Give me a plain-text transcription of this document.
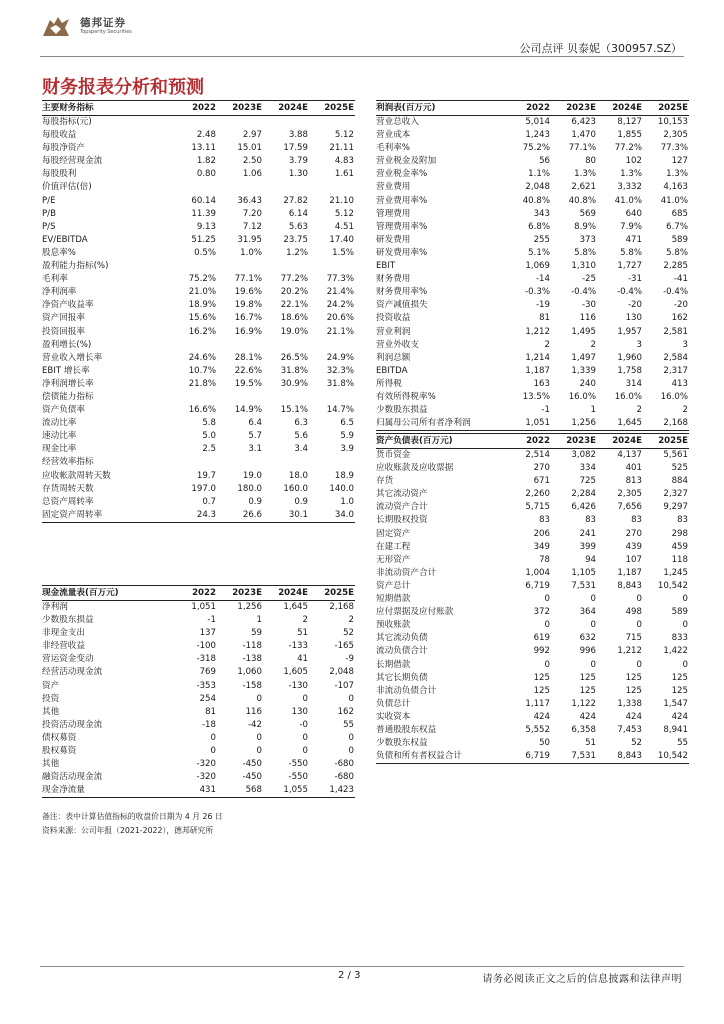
德邦证券
Topsperity Securities
公司点评 贝泰妮（300957.SZ）
财务报表分析和预测
主要财务指标	2022	2023E	2024E	2025E
每股指标(元)
每股收益	2.48	2.97	3.88	5.12
每股净资产	13.11	15.01	17.59	21.11
每股经营现金流	1.82	2.50	3.79	4.83
每股股利	0.80	1.06	1.30	1.61
价值评估(倍)
P/E	60.14	36.43	27.82	21.10
P/B	11.39	7.20	6.14	5.12
P/S	9.13	7.12	5.63	4.51
EV/EBITDA	51.25	31.95	23.75	17.40
股息率%	0.5%	1.0%	1.2%	1.5%
盈利能力指标(%)
毛利率	75.2%	77.1%	77.2%	77.3%
净利润率	21.0%	19.6%	20.2%	21.4%
净资产收益率	18.9%	19.8%	22.1%	24.2%
资产回报率	15.6%	16.7%	18.6%	20.6%
投资回报率	16.2%	16.9%	19.0%	21.1%
盈利增长(%)
营业收入增长率	24.6%	28.1%	26.5%	24.9%
EBIT 增长率	10.7%	22.6%	31.8%	32.3%
净利润增长率	21.8%	19.5%	30.9%	31.8%
偿债能力指标
资产负债率	16.6%	14.9%	15.1%	14.7%
流动比率	5.8	6.4	6.3	6.5
速动比率	5.0	5.7	5.6	5.9
现金比率	2.5	3.1	3.4	3.9
经营效率指标
应收帐款周转天数	19.7	19.0	18.0	18.9
存货周转天数	197.0	180.0	160.0	140.0
总资产周转率	0.7	0.9	0.9	1.0
固定资产周转率	24.3	26.6	30.1	34.0
利润表(百万元)	2022	2023E	2024E	2025E
营业总收入	5,014	6,423	8,127	10,153
营业成本	1,243	1,470	1,855	2,305
毛利率%	75.2%	77.1%	77.2%	77.3%
营业税金及附加	56	80	102	127
营业税金率%	1.1%	1.3%	1.3%	1.3%
营业费用	2,048	2,621	3,332	4,163
营业费用率%	40.8%	40.8%	41.0%	41.0%
管理费用	343	569	640	685
管理费用率%	6.8%	8.9%	7.9%	6.7%
研发费用	255	373	471	589
研发费用率%	5.1%	5.8%	5.8%	5.8%
EBIT	1,069	1,310	1,727	2,285
财务费用	-14	-25	-31	-41
财务费用率%	-0.3%	-0.4%	-0.4%	-0.4%
资产减值损失	-19	-30	-20	-20
投资收益	81	116	130	162
营业利润	1,212	1,495	1,957	2,581
营业外收支	2	2	3	3
利润总额	1,214	1,497	1,960	2,584
EBITDA	1,187	1,339	1,758	2,317
所得税	163	240	314	413
有效所得税率%	13.5%	16.0%	16.0%	16.0%
少数股东损益	-1	1	2	2
归属母公司所有者净利润	1,051	1,256	1,645	2,168
资产负债表(百万元)	2022	2023E	2024E	2025E
货币资金	2,514	3,082	4,137	5,561
应收账款及应收票据	270	334	401	525
存货	671	725	813	884
其它流动资产	2,260	2,284	2,305	2,327
流动资产合计	5,715	6,426	7,656	9,297
长期股权投资	83	83	83	83
固定资产	206	241	270	298
在建工程	349	399	439	459
无形资产	78	94	107	118
非流动资产合计	1,004	1,105	1,187	1,245
资产总计	6,719	7,531	8,843	10,542
短期借款	0	0	0	0
应付票据及应付账款	372	364	498	589
预收账款	0	0	0	0
其它流动负债	619	632	715	833
流动负债合计	992	996	1,212	1,422
长期借款	0	0	0	0
其它长期负债	125	125	125	125
非流动负债合计	125	125	125	125
负债总计	1,117	1,122	1,338	1,547
实收资本	424	424	424	424
普通股股东权益	5,552	6,358	7,453	8,941
少数股东权益	50	51	52	55
负债和所有者权益合计	6,719	7,531	8,843	10,542
现金流量表(百万元)	2022	2023E	2024E	2025E
净利润	1,051	1,256	1,645	2,168
少数股东损益	-1	1	2	2
非现金支出	137	59	51	52
非经营收益	-100	-118	-133	-165
营运资金变动	-318	-138	41	-9
经营活动现金流	769	1,060	1,605	2,048
资产	-353	-158	-130	-107
投资	254	0	0	0
其他	81	116	130	162
投资活动现金流	-18	-42	-0	55
债权募资	0	0	0	0
股权募资	0	0	0	0
其他	-320	-450	-550	-680
融资活动现金流	-320	-450	-550	-680
现金净流量	431	568	1,055	1,423
备注：表中计算估值指标的收盘价日期为 4 月 26 日
资料来源：公司年报（2021-2022），德邦研究所
2 / 3	请务必阅读正文之后的信息披露和法律声明
